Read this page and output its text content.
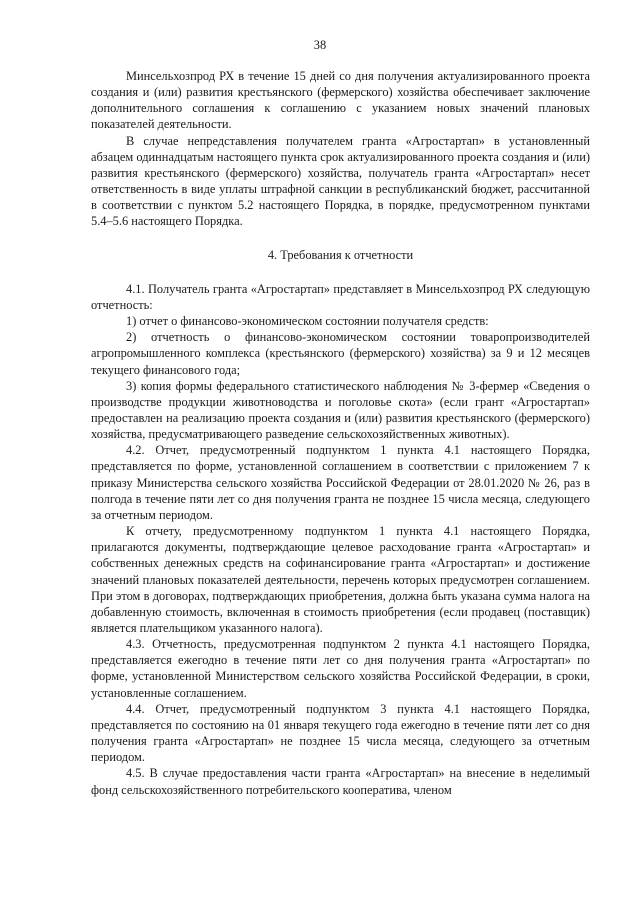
38

Минсельхозпрод РХ в течение 15 дней со дня получения актуализированного проекта создания и (или) развития крестьянского (фермерского) хозяйства обеспечивает заключение дополнительного соглашения к соглашению с указанием новых значений плановых показателей деятельности.

В случае непредставления получателем гранта «Агростартап» в установленный абзацем одиннадцатым настоящего пункта срок актуализированного проекта создания и (или) развития крестьянского (фермерского) хозяйства, получатель гранта «Агростартап» несет ответственность в виде уплаты штрафной санкции в республиканский бюджет, рассчитанной в соответствии с пунктом 5.2 настоящего Порядка, в порядке, предусмотренном пунктами 5.4–5.6 настоящего Порядка.

4. Требования к отчетности

4.1. Получатель гранта «Агростартап» представляет в Минсельхозпрод РХ следующую отчетность:

1) отчет о финансово-экономическом состоянии получателя средств:

2) отчетность о финансово-экономическом состоянии товаропроизводителей агропромышленного комплекса (крестьянского (фермерского) хозяйства) за 9 и 12 месяцев текущего финансового года;

3) копия формы федерального статистического наблюдения № 3-фермер «Сведения о производстве продукции животноводства и поголовье скота» (если грант «Агростартап» предоставлен на реализацию проекта создания и (или) развития крестьянского (фермерского) хозяйства, предусматривающего разведение сельскохозяйственных животных).

4.2. Отчет, предусмотренный подпунктом 1 пункта 4.1 настоящего Порядка, представляется по форме, установленной соглашением в соответствии с приложением 7 к приказу Министерства сельского хозяйства Российской Федерации от 28.01.2020 № 26, раз в полгода в течение пяти лет со дня получения гранта не позднее 15 числа месяца, следующего за отчетным периодом.

К отчету, предусмотренному подпунктом 1 пункта 4.1 настоящего Порядка, прилагаются документы, подтверждающие целевое расходование гранта «Агростартап» и собственных денежных средств на софинансирование гранта «Агростартап» и достижение значений плановых показателей деятельности, перечень которых предусмотрен соглашением. При этом в договорах, подтверждающих приобретения, должна быть указана сумма налога на добавленную стоимость, включенная в стоимость приобретения (если продавец (поставщик) является плательщиком указанного налога).

4.3. Отчетность, предусмотренная подпунктом 2 пункта 4.1 настоящего Порядка, представляется ежегодно в течение пяти лет со дня получения гранта «Агростартап» по форме, установленной Министерством сельского хозяйства Российской Федерации, в сроки, установленные соглашением.

4.4. Отчет, предусмотренный подпунктом 3 пункта 4.1 настоящего Порядка, представляется по состоянию на 01 января текущего года ежегодно в течение пяти лет со дня получения гранта «Агростартап» не позднее 15 числа месяца, следующего за отчетным периодом.

4.5. В случае предоставления части гранта «Агростартап» на внесение в неделимый фонд сельскохозяйственного потребительского кооператива, членом
